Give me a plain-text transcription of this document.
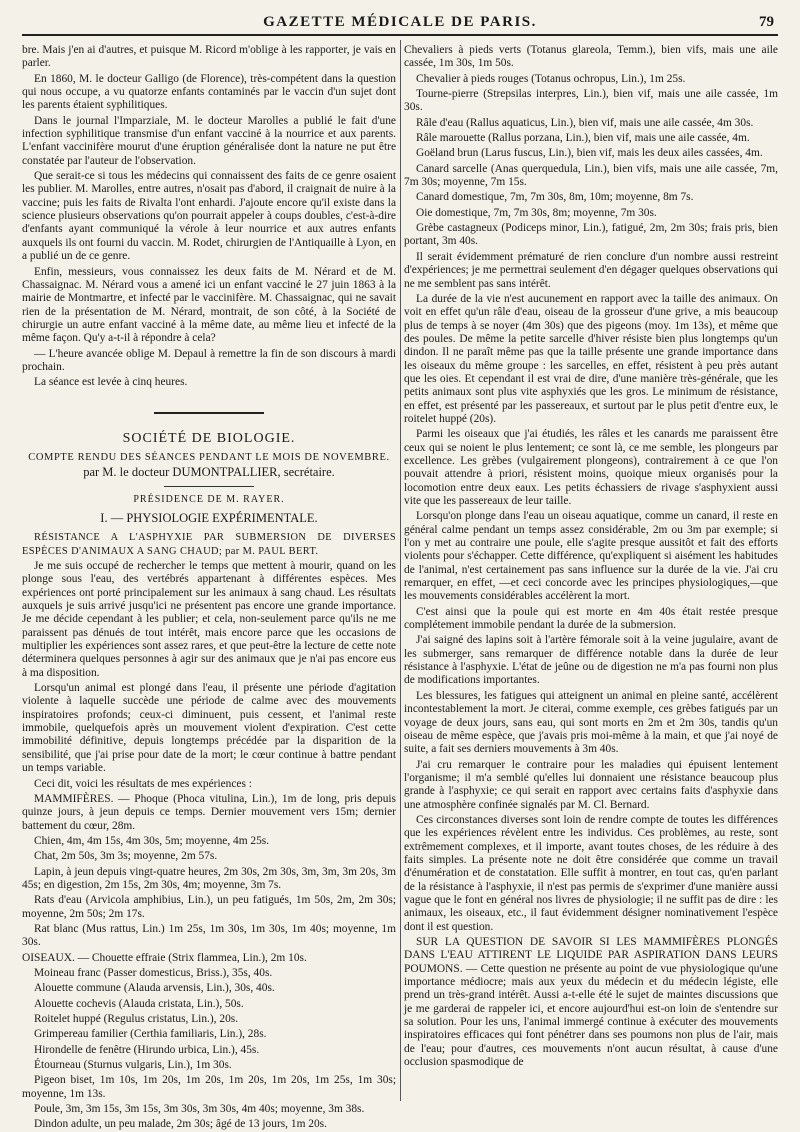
GAZETTE MÉDICALE DE PARIS.	79

bre. Mais j'en ai d'autres, et puisque M. Ricord m'oblige à les rapporter, je vais en parler.

En 1860, M. le docteur Galligo (de Florence), très-compétent dans la question qui nous occupe, a vu quatorze enfants contaminés par le vaccin d'un sujet dont les parents étaient syphilitiques.

Dans le journal l'Imparziale, M. le docteur Marolles a publié le fait d'une infection syphilitique transmise d'un enfant vacciné à la nourrice et aux parents. L'enfant vaccinifère mourut d'une éruption généralisée dont la nature ne put être constatée par l'auteur de l'observation.

Que serait-ce si tous les médecins qui connaissent des faits de ce genre osaient les publier. M. Marolles, entre autres, n'osait pas d'abord, il craignait de nuire à la vaccine; puis les faits de Rivalta l'ont enhardi. J'ajoute encore qu'il existe dans la science plusieurs observations qu'on pourrait appeler à coups doubles, c'est-à-dire d'enfants ayant communiqué la vérole à leur nourrice et aux autres enfants auxquels ils ont fourni du vaccin. M. Rodet, chirurgien de l'Antiquaille à Lyon, en a publié un de ce genre.

Enfin, messieurs, vous connaissez les deux faits de M. Nérard et de M. Chassaignac. M. Nérard vous a amené ici un enfant vacciné le 27 juin 1863 à la mairie de Montmartre, et infecté par le vaccinifère. M. Chassaignac, qui ne savait rien de la présentation de M. Nérard, montrait, de son côté, à la Société de chirurgie un autre enfant vacciné à la même date, au même lieu et infecté de la même façon. Qu'y a-t-il à répondre à cela?

— L'heure avancée oblige M. Depaul à remettre la fin de son discours à mardi prochain.

La séance est levée à cinq heures.

SOCIÉTÉ DE BIOLOGIE.
COMPTE RENDU DES SÉANCES PENDANT LE MOIS DE NOVEMBRE.
par M. le docteur DUMONTPALLIER, secrétaire.
PRÉSIDENCE DE M. RAYER.
I. — PHYSIOLOGIE EXPÉRIMENTALE.

RÉSISTANCE A L'ASPHYXIE PAR SUBMERSION DE DIVERSES ESPÈCES D'ANIMAUX A SANG CHAUD; par M. PAUL BERT.

Je me suis occupé de rechercher le temps que mettent à mourir, quand on les plonge sous l'eau, des vertébrés appartenant à différentes espèces. Mes expériences ont porté principalement sur les animaux à sang chaud. Les résultats auxquels je suis arrivé jusqu'ici ne présentent pas encore une grande importance. Je me décide cependant à les publier; et cela, non-seulement parce qu'ils ne me paraissent pas dénués de tout intérêt, mais encore parce que les occasions de multiplier les expériences sont assez rares, et que peut-être la lecture de cette note déterminera quelques personnes à agir sur des animaux que je n'ai pas encore eus à ma disposition.

Lorsqu'un animal est plongé dans l'eau, il présente une période d'agitation violente à laquelle succède une période de calme avec des mouvements inspiratoires profonds; ceux-ci diminuent, puis cessent, et l'animal reste immobile, quelquefois après un mouvement violent d'expiration. C'est cette immobilité définitive, depuis longtemps précédée par la disparition de la sensibilité, que j'ai prise pour date de la mort; le cœur continue à battre pendant un temps variable.

Ceci dit, voici les résultats de mes expériences :

MAMMIFÈRES. — Phoque (Phoca vitulina, Lin.), 1m de long, pris depuis quinze jours, à jeun depuis ce temps. Dernier mouvement vers 15m; dernier battement du cœur, 28m.

Chien, 4m, 4m 15s, 4m 30s, 5m; moyenne, 4m 25s.

Chat, 2m 50s, 3m 3s; moyenne, 2m 57s.

Lapin, à jeun depuis vingt-quatre heures, 2m 30s, 2m 30s, 3m, 3m, 3m 20s, 3m 45s; en digestion, 2m 15s, 2m 30s, 4m; moyenne, 3m 7s.

Rats d'eau (Arvicola amphibius, Lin.), un peu fatigués, 1m 50s, 2m, 2m 30s; moyenne, 2m 50s; 2m 17s.

Rat blanc (Mus rattus, Lin.) 1m 25s, 1m 30s, 1m 30s, 1m 40s; moyenne, 1m 30s.

OISEAUX. — Chouette effraie (Strix flammea, Lin.), 2m 10s.

Moineau franc (Passer domesticus, Briss.), 35s, 40s.

Alouette commune (Alauda arvensis, Lin.), 30s, 40s.

Alouette cochevis (Alauda cristata, Lin.), 50s.

Roitelet huppé (Regulus cristatus, Lin.), 20s.

Grimpereau familier (Certhia familiaris, Lin.), 28s.

Hirondelle de fenêtre (Hirundo urbica, Lin.), 45s.

Étourneau (Sturnus vulgaris, Lin.), 1m 30s.

Pigeon biset, 1m 10s, 1m 20s, 1m 20s, 1m 20s, 1m 20s, 1m 25s, 1m 30s; moyenne, 1m 13s.

Poule, 3m, 3m 15s, 3m 15s, 3m 30s, 3m 30s, 4m 40s; moyenne, 3m 38s.

Dindon adulte, un peu malade, 2m 30s; âgé de 13 jours, 1m 20s.

Chevaliers à pieds verts (Totanus glareola, Temm.), bien vifs, mais une aile cassée, 1m 30s, 1m 50s.

Chevalier à pieds rouges (Totanus ochropus, Lin.), 1m 25s.

Tourne-pierre (Strepsilas interpres, Lin.), bien vif, mais une aile cassée, 1m 30s.

Râle d'eau (Rallus aquaticus, Lin.), bien vif, mais une aile cassée, 4m 30s.

Râle marouette (Rallus porzana, Lin.), bien vif, mais une aile cassée, 4m.

Goëland brun (Larus fuscus, Lin.), bien vif, mais les deux ailes cassées, 4m.

Canard sarcelle (Anas querquedula, Lin.), bien vifs, mais une aile cassée, 7m, 7m 30s; moyenne, 7m 15s.

Canard domestique, 7m, 7m 30s, 8m, 10m; moyenne, 8m 7s.

Oie domestique, 7m, 7m 30s, 8m; moyenne, 7m 30s.

Grèbe castagneux (Podiceps minor, Lin.), fatigué, 2m, 2m 30s; frais pris, bien portant, 3m 40s.

Il serait évidemment prématuré de rien conclure d'un nombre aussi restreint d'expériences; je me permettrai seulement d'en dégager quelques observations qui ne me semblent pas sans intérêt.

La durée de la vie n'est aucunement en rapport avec la taille des animaux. On voit en effet qu'un râle d'eau, oiseau de la grosseur d'une grive, a mis beaucoup plus de temps à se noyer (4m 30s) que des pigeons (moy. 1m 13s), et même que des poules. De même la petite sarcelle d'hiver résiste bien plus longtemps qu'un dindon. Il ne paraît même pas que la taille présente une grande importance dans les oiseaux du même groupe : les sarcelles, en effet, résistent à peu près autant que les oies. Et cependant il est vrai de dire, d'une manière très-générale, que les petits animaux sont plus vite asphyxiés que les gros. Le minimum de résistance, en effet, est présenté par les passereaux, et surtout par le plus petit d'entre eux, le roitelet huppé (20s).

Parmi les oiseaux que j'ai étudiés, les râles et les canards me paraissent être ceux qui se noient le plus lentement; ce sont là, ce me semble, les plongeurs par excellence. Les grèbes (vulgairement plongeons), contrairement à ce que l'on pouvait attendre à priori, résistent moins, quoique mieux organisés pour la locomotion entre deux eaux. Les petits échassiers de rivage s'asphyxient aussi vite que les passereaux de leur taille.

Lorsqu'on plonge dans l'eau un oiseau aquatique, comme un canard, il reste en général calme pendant un temps assez considérable, 2m ou 3m par exemple; si l'on y met au contraire une poule, elle s'agite presque aussitôt et fait des efforts violents pour s'échapper. Cette différence, qu'expliquent si aisément les habitudes de l'animal, n'est certainement pas sans influence sur la durée de la vie. J'ai cru remarquer, en effet, —et ceci concorde avec les principes physiologiques,—que les mouvements considérables accélèrent la mort.

C'est ainsi que la poule qui est morte en 4m 40s était restée presque complétement immobile pendant la durée de la submersion.

J'ai saigné des lapins soit à l'artère fémorale soit à la veine jugulaire, avant de les submerger, sans remarquer de différence notable dans la durée de leur résistance à l'asphyxie. L'état de jeûne ou de digestion ne m'a pas fourni non plus de modifications importantes.

Les blessures, les fatigues qui atteignent un animal en pleine santé, accélèrent incontestablement la mort. Je citerai, comme exemple, ces grèbes fatigués par un voyage de deux jours, sans eau, qui sont morts en 2m et 2m 30s, tandis qu'un oiseau de même espèce, que j'avais pris moi-même à la main, et que j'ai noyé de suite, a fait ses derniers mouvements à 3m 40s.

J'ai cru remarquer le contraire pour les maladies qui épuisent lentement l'organisme; il m'a semblé qu'elles lui donnaient une résistance beaucoup plus grande à l'asphyxie; ce qui serait en rapport avec certains faits d'asphyxie dans une atmosphère confinée signalés par M. Cl. Bernard.

Ces circonstances diverses sont loin de rendre compte de toutes les différences que les expériences révèlent entre les individus. Ces problèmes, au reste, sont extrêmement complexes, et il importe, avant toutes choses, de les réduire à des faits simples. La présente note ne doit être considérée que comme un travail d'énumération et de constatation. Elle suffit à montrer, en tout cas, qu'en parlant de la résistance à l'asphyxie, il n'est pas permis de s'exprimer d'une manière aussi vague que le font en général nos livres de physiologie; il ne suffit pas de dire : les animaux, les oiseaux, etc., il faut évidemment désigner nominativement l'espèce dont il est question.

SUR LA QUESTION DE SAVOIR SI LES MAMMIFÈRES PLONGÉS DANS L'EAU ATTIRENT LE LIQUIDE PAR ASPIRATION DANS LEURS POUMONS. — Cette question ne présente au point de vue physiologique qu'une importance médiocre; mais aux yeux du médecin et du médecin légiste, elle prend un très-grand intérêt. Aussi a-t-elle été le sujet de maintes discussions que je me garderai de rappeler ici, et encore aujourd'hui est-on loin de s'entendre sur sa solution. Pour les uns, l'animal immergé continue à exécuter des mouvements inspiratoires efficaces qui font pénétrer dans ses poumons non plus de l'air, mais de l'eau; pour d'autres, ces mouvements n'ont aucun résultat, à cause d'une occlusion spasmodique de
